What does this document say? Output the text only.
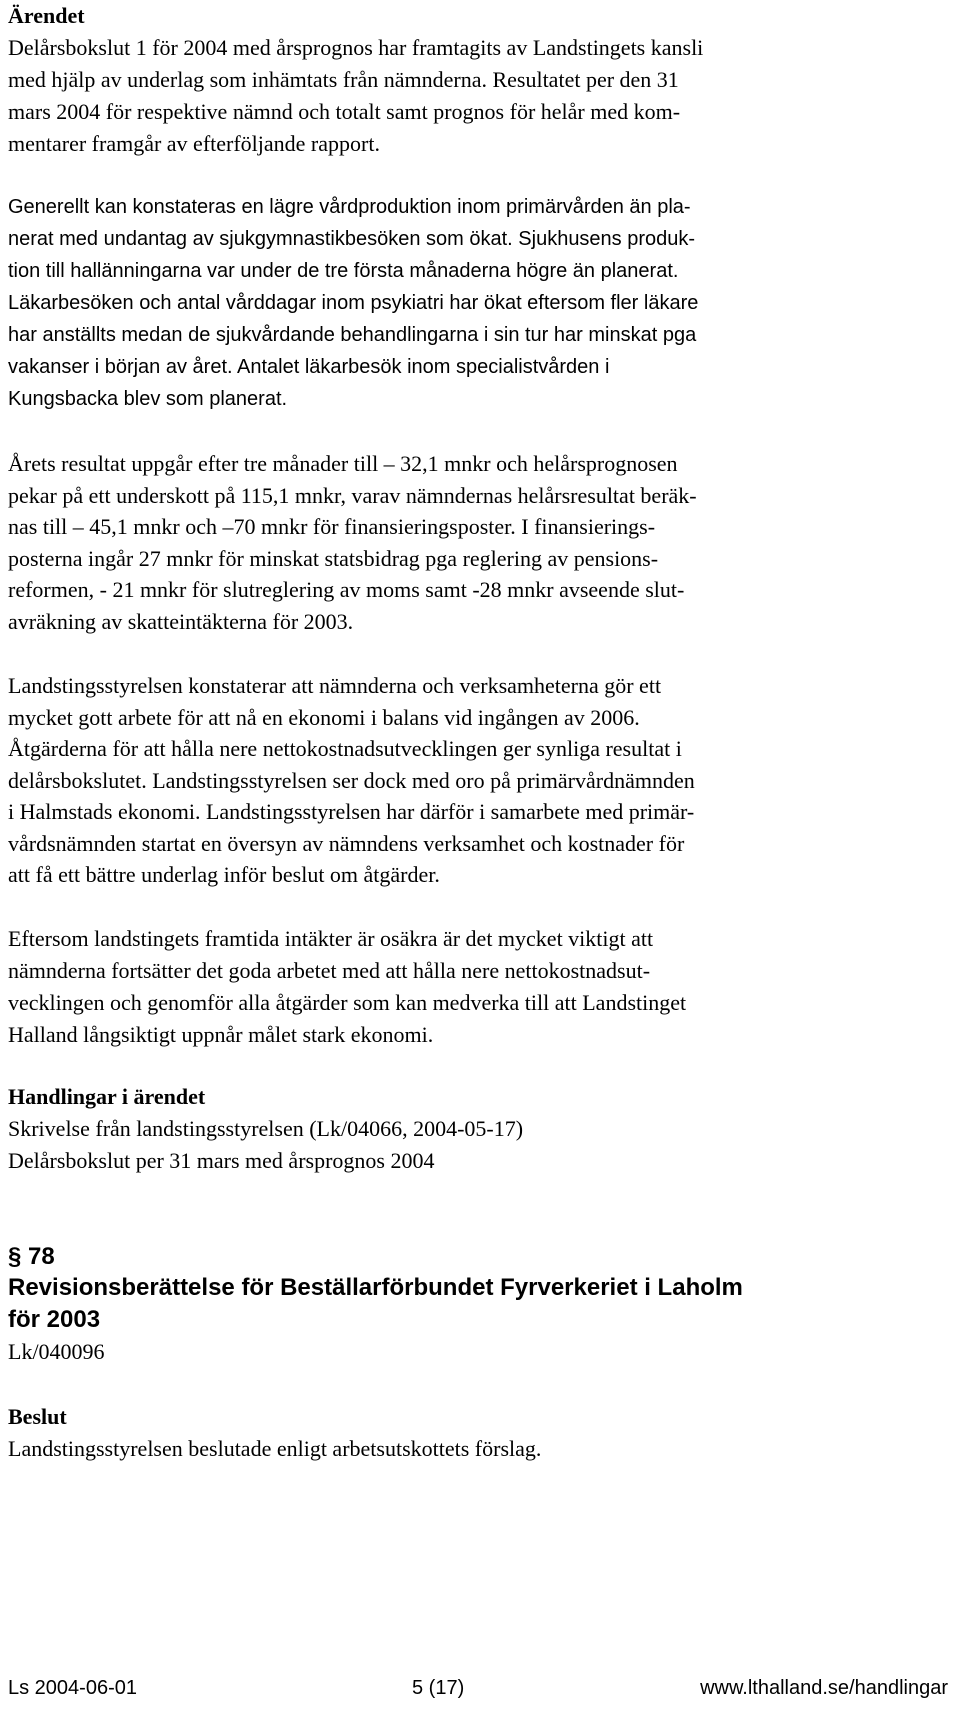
Ärendet
Delårsbokslut 1 för 2004 med årsprognos har framtagits av Landstingets kansli
med hjälp av underlag som inhämtats från nämnderna. Resultatet per den 31
mars 2004 för respektive nämnd och totalt samt prognos för helår med kom-
mentarer framgår av efterföljande rapport.
Generellt kan konstateras en lägre vårdproduktion inom primärvården än pla-
nerat med undantag av sjukgymnastikbesöken som ökat. Sjukhusens produk-
tion till hallänningarna var under de tre första månaderna högre än planerat.
Läkarbesöken och antal vårddagar inom psykiatri har ökat eftersom fler läkare
har anställts medan de sjukvårdande behandlingarna i sin tur har minskat pga
vakanser i början av året. Antalet läkarbesök inom specialistvården i
Kungsbacka blev som planerat.
Årets resultat uppgår efter tre månader till – 32,1 mnkr och helårsprognosen
pekar på ett underskott på 115,1 mnkr, varav nämndernas helårsresultat beräk-
nas till – 45,1 mnkr och –70 mnkr för finansieringsposter. I finansierings-
posterna ingår 27 mnkr för minskat statsbidrag pga reglering av pensions-
reformen, - 21 mnkr för slutreglering av moms samt -28 mnkr avseende slut-
avräkning av skatteintäkterna för 2003.
Landstingsstyrelsen konstaterar att nämnderna och verksamheterna gör ett
mycket gott arbete för att nå en ekonomi i balans vid ingången av 2006.
Åtgärderna för att hålla nere nettokostnadsutvecklingen ger synliga resultat i
delårsbokslutet. Landstingsstyrelsen ser dock med oro på primärvårdnämnden
i Halmstads ekonomi. Landstingsstyrelsen har därför i samarbete med primär-
vårdsnämnden startat en översyn av nämndens verksamhet och kostnader för
att få ett bättre underlag inför beslut om åtgärder.
Eftersom landstingets framtida intäkter är osäkra är det mycket viktigt att
nämnderna fortsätter det goda arbetet med att hålla nere nettokostnadsut-
vecklingen och genomför alla åtgärder som kan medverka till att Landstinget
Halland långsiktigt uppnår målet stark ekonomi.
Handlingar i ärendet
Skrivelse från landstingsstyrelsen (Lk/04066, 2004-05-17)
Delårsbokslut per 31 mars med årsprognos 2004
§ 78
Revisionsberättelse för Beställarförbundet Fyrverkeriet i Laholm
för 2003
Lk/040096
Beslut
Landstingsstyrelsen beslutade enligt arbetsutskottets förslag.
Ls 2004-06-01	5 (17)	www.lthalland.se/handlingar
